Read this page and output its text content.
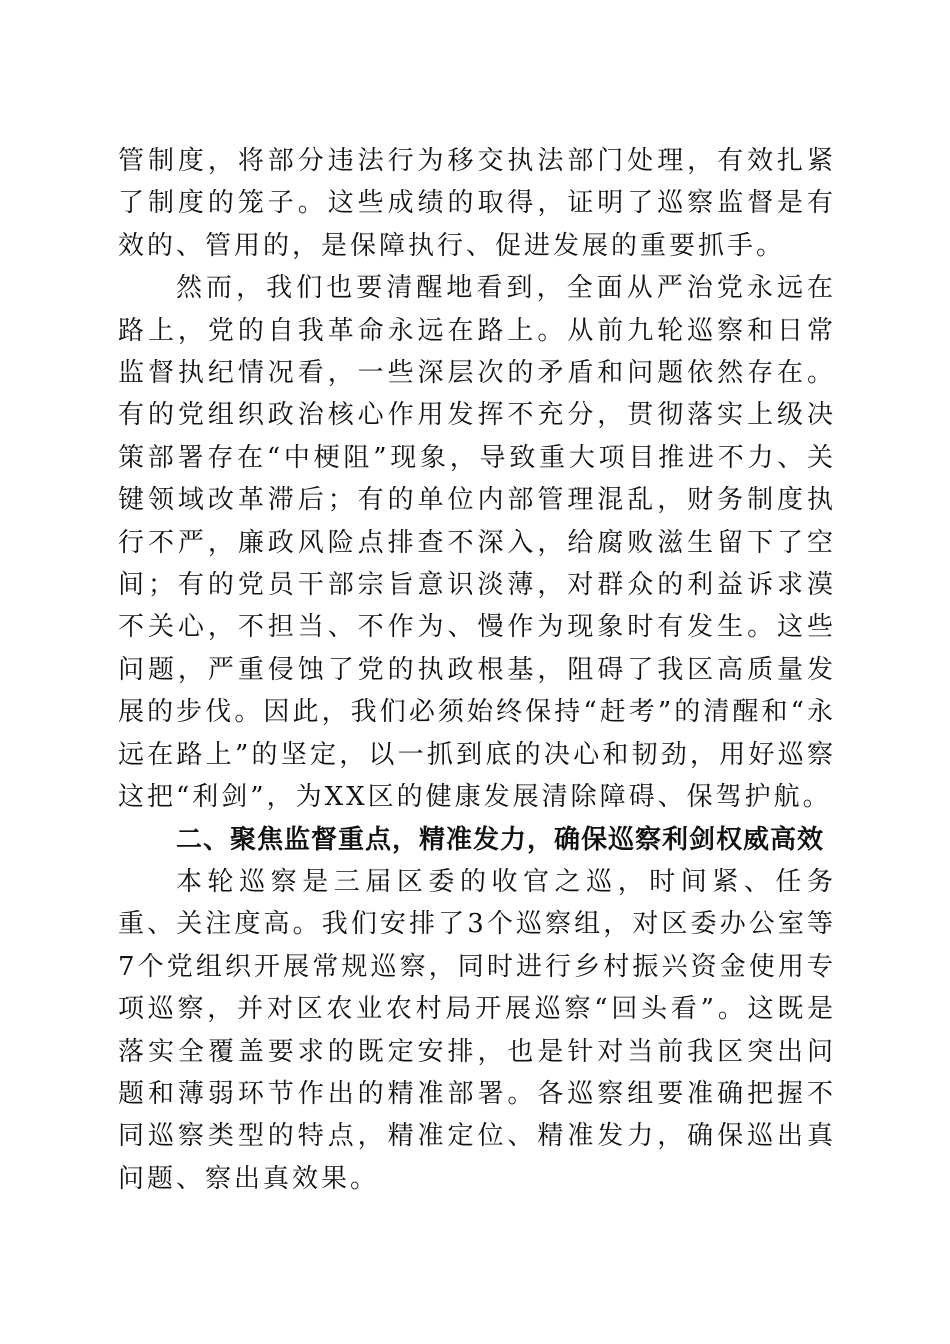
管制度，将部分违法行为移交执法部门处理，有效扎紧了制度的笼子。这些成绩的取得，证明了巡察监督是有效的、管用的，是保障执行、促进发展的重要抓手。

然而，我们也要清醒地看到，全面从严治党永远在路上，党的自我革命永远在路上。从前九轮巡察和日常监督执纪情况看，一些深层次的矛盾和问题依然存在。有的党组织政治核心作用发挥不充分，贯彻落实上级决策部署存在“中梗阻”现象，导致重大项目推进不力、关键领域改革滞后；有的单位内部管理混乱，财务制度执行不严，廉政风险点排查不深入，给腐败滋生留下了空间；有的党员干部宗旨意识淡薄，对群众的利益诉求漠不关心，不担当、不作为、慢作为现象时有发生。这些问题，严重侵蚀了党的执政根基，阻碍了我区高质量发展的步伐。因此，我们必须始终保持“赶考”的清醒和“永远在路上”的坚定，以一抓到底的决心和韧劲，用好巡察这把“利剑”，为XX区的健康发展清除障碍、保驾护航。

二、聚焦监督重点，精准发力，确保巡察利剑权威高效

本轮巡察是三届区委的收官之巡，时间紧、任务重、关注度高。我们安排了3个巡察组，对区委办公室等7个党组织开展常规巡察，同时进行乡村振兴资金使用专项巡察，并对区农业农村局开展巡察“回头看”。这既是落实全覆盖要求的既定安排，也是针对当前我区突出问题和薄弱环节作出的精准部署。各巡察组要准确把握不同巡察类型的特点，精准定位、精准发力，确保巡出真问题、察出真效果。
